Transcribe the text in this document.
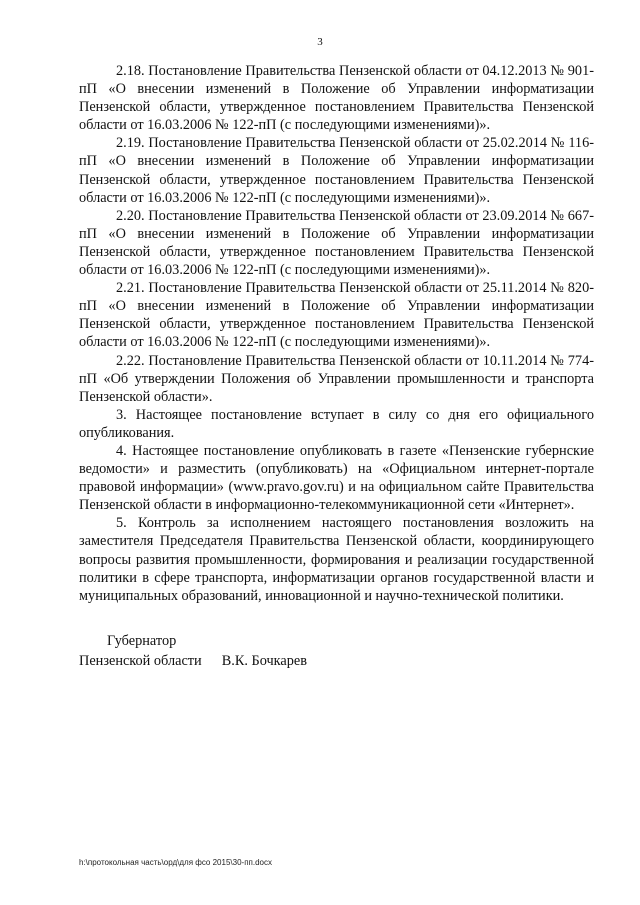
3

2.18. Постановление Правительства Пензенской области от 04.12.2013 № 901-пП «О внесении изменений в Положение об Управлении информатизации Пензенской области, утвержденное постановлением Правительства Пензенской области от 16.03.2006 № 122-пП (с последующими изменениями)».

2.19. Постановление Правительства Пензенской области от 25.02.2014 № 116-пП «О внесении изменений в Положение об Управлении информатизации Пензенской области, утвержденное постановлением Правительства Пензенской области от 16.03.2006 № 122-пП (с последующими изменениями)».

2.20. Постановление Правительства Пензенской области от 23.09.2014 № 667-пП «О внесении изменений в Положение об Управлении информатизации Пензенской области, утвержденное постановлением Правительства Пензенской области от 16.03.2006 № 122-пП (с последующими изменениями)».

2.21. Постановление Правительства Пензенской области от 25.11.2014 № 820-пП «О внесении изменений в Положение об Управлении информатизации Пензенской области, утвержденное постановлением Правительства Пензенской области от 16.03.2006 № 122-пП (с последующими изменениями)».

2.22. Постановление Правительства Пензенской области от 10.11.2014 № 774-пП «Об утверждении Положения об Управлении промышленности и транспорта Пензенской области».

3. Настоящее постановление вступает в силу со дня его официального опубликования.

4. Настоящее постановление опубликовать в газете «Пензенские губернские ведомости» и разместить (опубликовать) на «Официальном интернет-портале правовой информации» (www.pravo.gov.ru) и на официальном сайте Правительства Пензенской области в информационно-телекоммуникационной сети «Интернет».

5. Контроль за исполнением настоящего постановления возложить на заместителя Председателя Правительства Пензенской области, координирующего вопросы развития промышленности, формирования и реализации государственной политики в сфере транспорта, информатизации органов государственной власти и муниципальных образований, инновационной и научно-технической политики.

Губернатор
Пензенской области В.К. Бочкарев
h:\протокольная часть\орд\для фсо 2015\30-пп.docx
